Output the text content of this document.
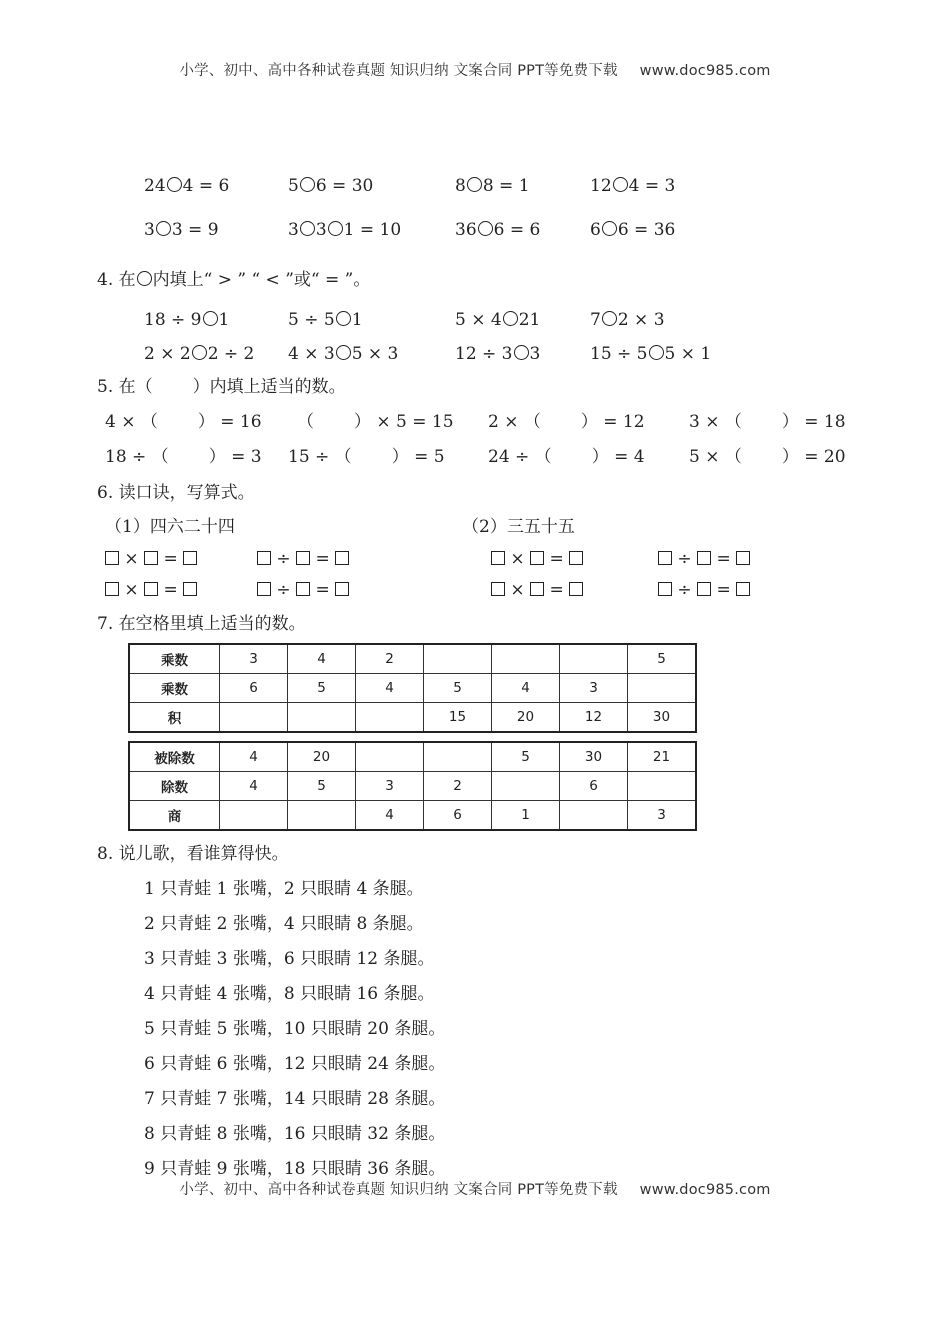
小学、初中、高中各种试卷真题 知识归纳 文案合同 PPT等免费下载 www.doc985.com
24 4 = 6	5 6 = 30	8 8 = 1	12 4 = 3
3 3 = 9	3 3 1 = 10	36 6 = 6	6 6 = 36
4. 在 内填上“ > ” “ < ”或“ = ”。
18 ÷ 9 1	5 ÷ 5 1	5 × 4 21	7 2 × 3
2 × 2 2 ÷ 2 4 × 3 5 × 3	12 ÷ 3 3	15 ÷ 5 5 × 1
5. 在（ ）内填上适当的数。
4 × （ ） = 16 （ ） × 5 = 15 2 × （ ） = 12	3 × （ ） = 18
18 ÷ （ ） = 3 15 ÷ （ ） = 5	24 ÷ （ ） = 4	5 × （ ） = 20
6. 读口诀，写算式。
（1）四六二十四	（2）三五十五
× =	÷ =	× =	÷ =
× =	÷ =	× =	÷ =
7. 在空格里填上适当的数。
乘数	3	4	2				5
乘数	6	5	4	5	4	3	
积				15	20	12	30
被除数	4	20			5	30	21
除数	4	5	3	2		6	
商			4	6	1		3
8. 说儿歌，看谁算得快。
1 只青蛙 1 张嘴，2 只眼睛 4 条腿。
2 只青蛙 2 张嘴，4 只眼睛 8 条腿。
3 只青蛙 3 张嘴，6 只眼睛 12 条腿。
4 只青蛙 4 张嘴，8 只眼睛 16 条腿。
5 只青蛙 5 张嘴，10 只眼睛 20 条腿。
6 只青蛙 6 张嘴，12 只眼睛 24 条腿。
7 只青蛙 7 张嘴，14 只眼睛 28 条腿。
8 只青蛙 8 张嘴，16 只眼睛 32 条腿。
9 只青蛙 9 张嘴，18 只眼睛 36 条腿。
小学、初中、高中各种试卷真题 知识归纳 文案合同 PPT等免费下载 www.doc985.com
